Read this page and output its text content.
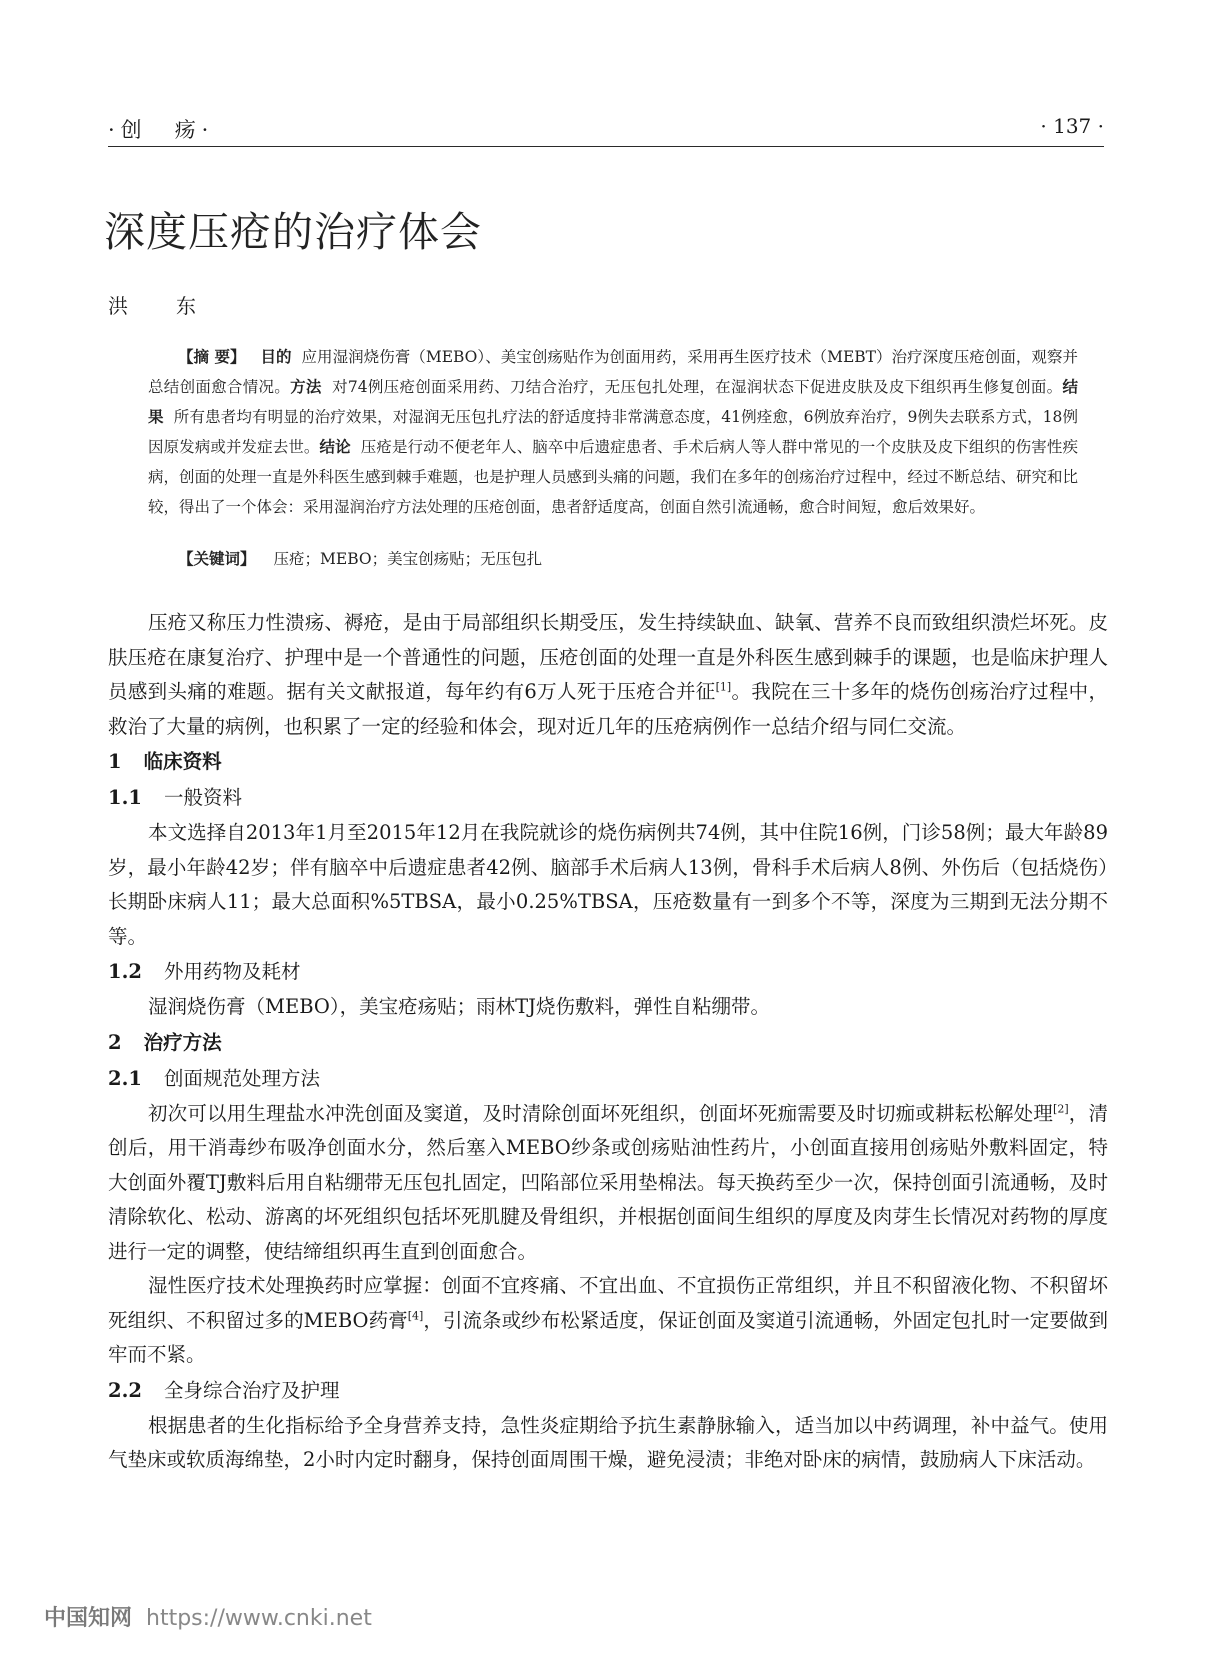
·创　疡·	· 137 ·
深度压疮的治疗体会
洪　东
【摘 要】 目的 应用湿润烧伤膏（MEBO）、美宝创疡贴作为创面用药，采用再生医疗技术（MEBT）治疗深度压疮创面，观察并总结创面愈合情况。方法 对74例压疮创面采用药、刀结合治疗，无压包扎处理，在湿润状态下促进皮肤及皮下组织再生修复创面。结果 所有患者均有明显的治疗效果，对湿润无压包扎疗法的舒适度持非常满意态度，41例痊愈，6例放弃治疗，9例失去联系方式，18例因原发病或并发症去世。结论 压疮是行动不便老年人、脑卒中后遗症患者、手术后病人等人群中常见的一个皮肤及皮下组织的伤害性疾病，创面的处理一直是外科医生感到棘手难题，也是护理人员感到头痛的问题，我们在多年的创疡治疗过程中，经过不断总结、研究和比较，得出了一个体会：采用湿润治疗方法处理的压疮创面，患者舒适度高，创面自然引流通畅，愈合时间短，愈后效果好。
【关键词】 压疮；MEBO；美宝创疡贴；无压包扎

压疮又称压力性溃疡、褥疮，是由于局部组织长期受压，发生持续缺血、缺氧、营养不良而致组织溃烂坏死。皮肤压疮在康复治疗、护理中是一个普通性的问题，压疮创面的处理一直是外科医生感到棘手的课题，也是临床护理人员感到头痛的难题。据有关文献报道，每年约有6万人死于压疮合并征[1]。我院在三十多年的烧伤创疡治疗过程中，救治了大量的病例，也积累了一定的经验和体会，现对近几年的压疮病例作一总结介绍与同仁交流。

1 临床资料
1.1 一般资料

本文选择自2013年1月至2015年12月在我院就诊的烧伤病例共74例，其中住院16例，门诊58例；最大年龄89岁，最小年龄42岁；伴有脑卒中后遗症患者42例、脑部手术后病人13例，骨科手术后病人8例、外伤后（包括烧伤）长期卧床病人11；最大总面积%5TBSA，最小0.25%TBSA，压疮数量有一到多个不等，深度为三期到无法分期不等。

1.2 外用药物及耗材

湿润烧伤膏（MEBO），美宝疮疡贴；雨林TJ烧伤敷料，弹性自粘绷带。

2 治疗方法
2.1 创面规范处理方法

初次可以用生理盐水冲洗创面及窦道，及时清除创面坏死组织，创面坏死痂需要及时切痂或耕耘松解处理[2]，清创后，用干消毒纱布吸净创面水分，然后塞入MEBO纱条或创疡贴油性药片，小创面直接用创疡贴外敷料固定，特大创面外覆TJ敷料后用自粘绷带无压包扎固定，凹陷部位采用垫棉法。每天换药至少一次，保持创面引流通畅，及时清除软化、松动、游离的坏死组织包括坏死肌腱及骨组织，并根据创面间生组织的厚度及肉芽生长情况对药物的厚度进行一定的调整，使结缔组织再生直到创面愈合。

湿性医疗技术处理换药时应掌握：创面不宜疼痛、不宜出血、不宜损伤正常组织，并且不积留液化物、不积留坏死组织、不积留过多的MEBO药膏[4]，引流条或纱布松紧适度，保证创面及窦道引流通畅，外固定包扎时一定要做到牢而不紧。

2.2 全身综合治疗及护理

根据患者的生化指标给予全身营养支持，急性炎症期给予抗生素静脉输入，适当加以中药调理，补中益气。使用气垫床或软质海绵垫，2小时内定时翻身，保持创面周围干燥，避免浸渍；非绝对卧床的病情，鼓励病人下床活动。

中国知网 https://www.cnki.net
